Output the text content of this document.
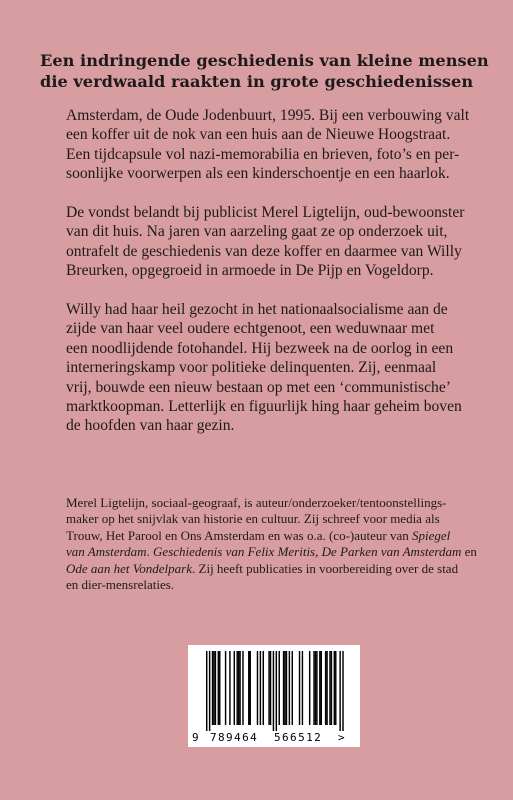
Een indringende geschiedenis van kleine mensen
die verdwaald raakten in grote geschiedenissen

Amsterdam, de Oude Jodenbuurt, 1995. Bij een verbouwing valt
een koffer uit de nok van een huis aan de Nieuwe Hoogstraat.
Een tijdcapsule vol nazi-memorabilia en brieven, foto’s en per-
soonlijke voorwerpen als een kinderschoentje en een haarlok.

De vondst belandt bij publicist Merel Ligtelijn, oud-bewoonster
van dit huis. Na jaren van aarzeling gaat ze op onderzoek uit,
ontrafelt de geschiedenis van deze koffer en daarmee van Willy
Breurken, opgegroeid in armoede in De Pijp en Vogeldorp.

Willy had haar heil gezocht in het nationaalsocialisme aan de
zijde van haar veel oudere echtgenoot, een weduwnaar met
een noodlijdende fotohandel. Hij bezweek na de oorlog in een
interneringskamp voor politieke delinquenten. Zij, eenmaal
vrij, bouwde een nieuw bestaan op met een ‘communistische’
marktkoopman. Letterlijk en figuurlijk hing haar geheim boven
de hoofden van haar gezin.

Merel Ligtelijn, sociaal-geograaf, is auteur/onderzoeker/tentoonstellings-
maker op het snijvlak van historie en cultuur. Zij schreef voor media als
Trouw, Het Parool en Ons Amsterdam en was o.a. (co-)auteur van Spiegel
van Amsterdam. Geschiedenis van Felix Meritis, De Parken van Amsterdam en
Ode aan het Vondelpark. Zij heeft publicaties in voorbereiding over de stad
en dier-mensrelaties.
9 789464 566512 >
